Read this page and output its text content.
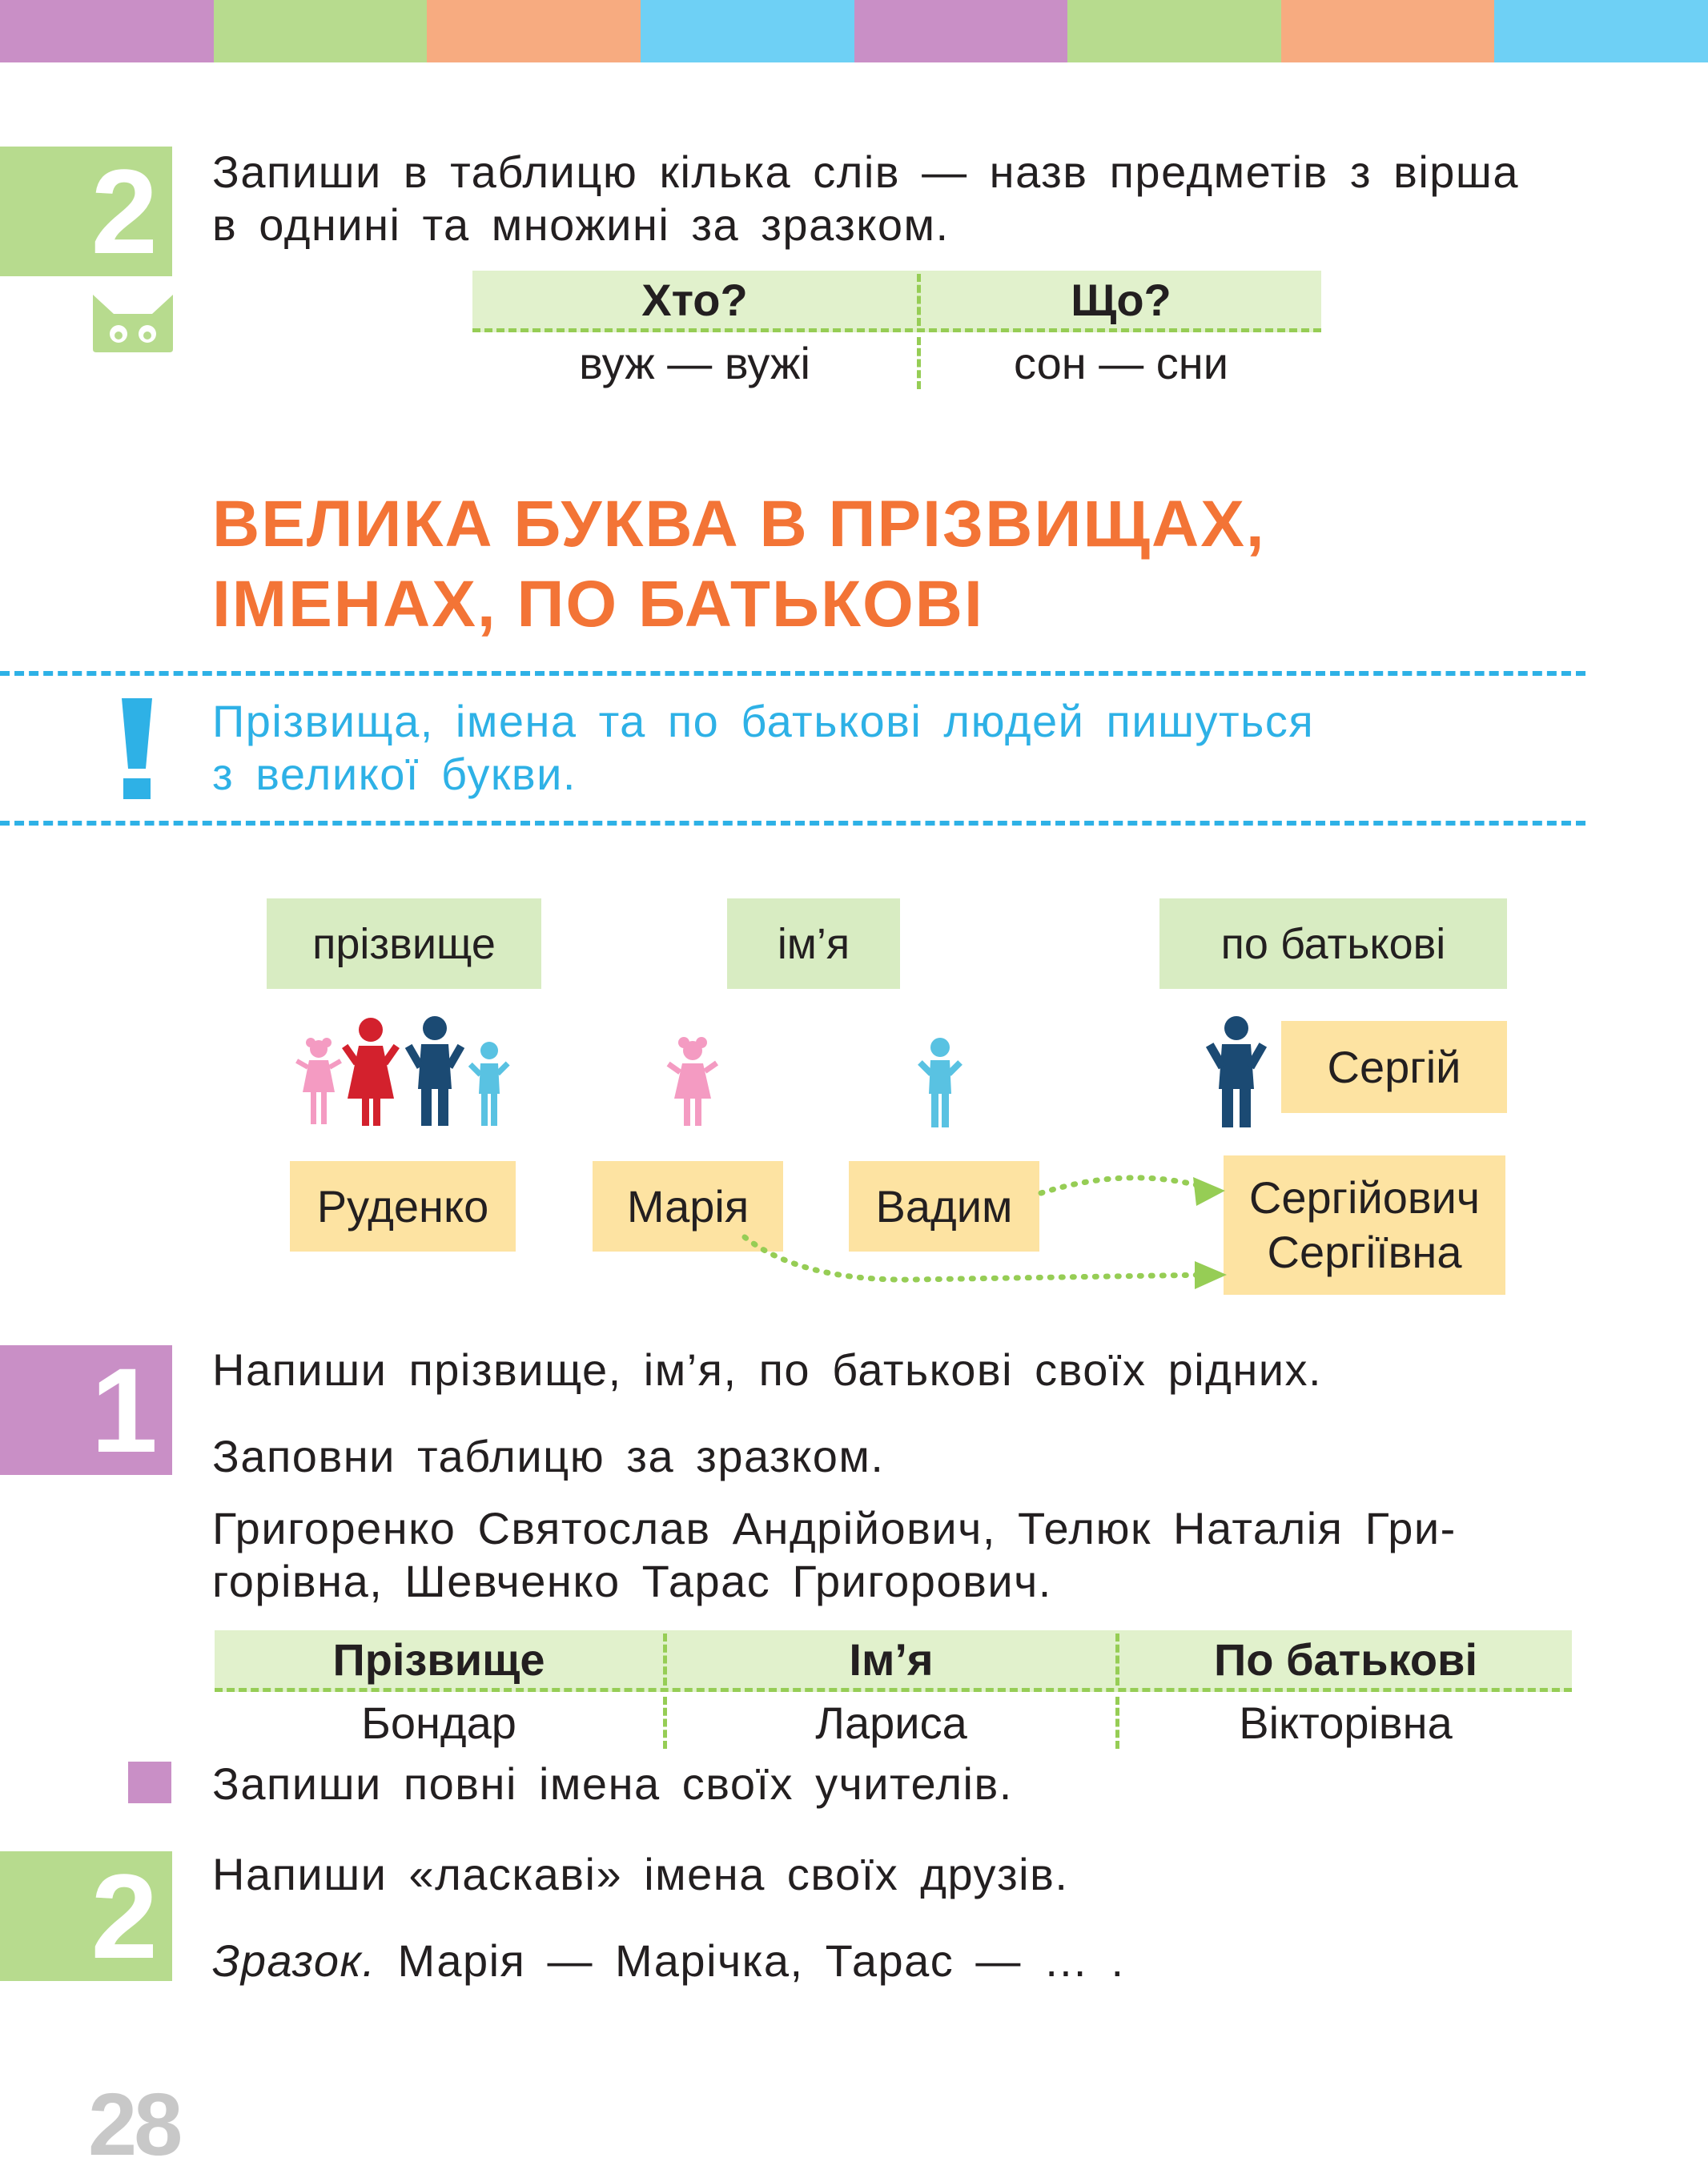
2 Запиши в таблицю кілька слів — назв предметів з вірша
в однині та множині за зразком.
Хто?	Що?
вуж — вужі	сон — сни
ВЕЛИКА БУКВА В ПРІЗВИЩАХ,
ІМЕНАХ, ПО БАТЬКОВІ
Прізвища, імена та по батькові людей пишуться
з великої букви.
прізвище	ім’я	по батькові
Сергій
Руденко	Марія	Вадим	Сергійович
Сергіївна
1 Напиши прізвище, ім’я, по батькові своїх рідних.
Заповни таблицю за зразком.
Григоренко Святослав Андрійович, Телюк Наталія Гри-
горівна, Шевченко Тарас Григорович.
Прізвище	Ім’я	По батькові
Бондар	Лариса	Вікторівна
Запиши повні імена своїх учителів.
2 Напиши «ласкаві» імена своїх друзів.
Зразок. Марія — Марічка, Тарас — … .
28
